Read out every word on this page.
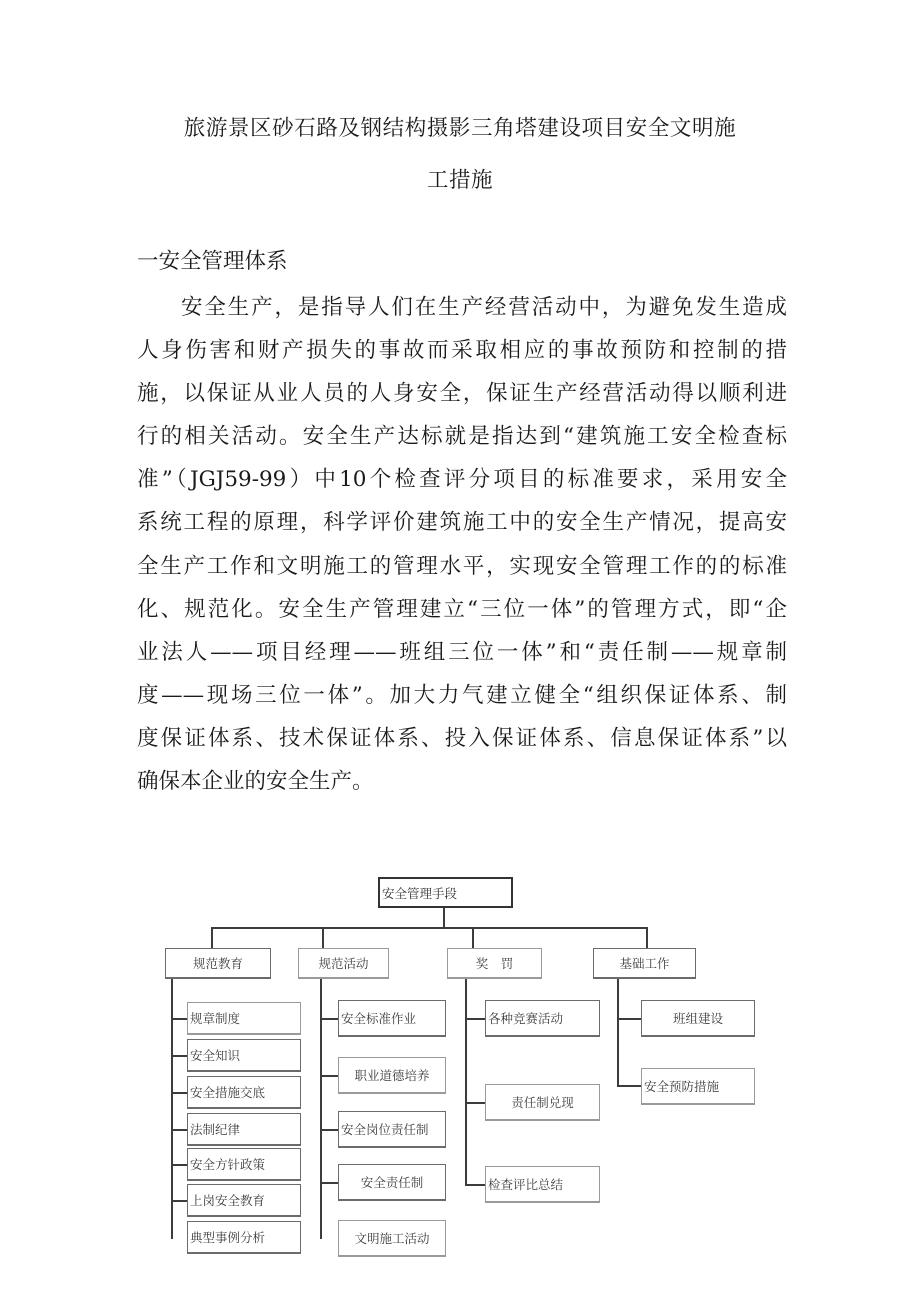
旅游景区砂石路及钢结构摄影三角塔建设项目安全文明施
工措施
一安全管理体系
安全生产，是指导人们在生产经营活动中，为避免发生造成
人身伤害和财产损失的事故而采取相应的事故预防和控制的措
施，以保证从业人员的人身安全，保证生产经营活动得以顺利进
行的相关活动。安全生产达标就是指达到“建筑施工安全检查标
准”（JGJ59-99）中10个检查评分项目的标准要求，采用安全
系统工程的原理，科学评价建筑施工中的安全生产情况，提高安
全生产工作和文明施工的管理水平，实现安全管理工作的的标准
化、规范化。安全生产管理建立“三位一体”的管理方式，即“企
业法人——项目经理——班组三位一体”和“责任制——规章制
度——现场三位一体”。加大力气建立健全“组织保证体系、制
度保证体系、技术保证体系、投入保证体系、信息保证体系”以
确保本企业的安全生产。
安全管理手段
规范教育	规范活动	奖　罚	基础工作
规章制度
安全知识
安全措施交底
法制纪律
安全方针政策
上岗安全教育
典型事例分析
安全标准作业
职业道德培养
安全岗位责任制
安全责任制
文明施工活动
各种竞赛活动
责任制兑现
检查评比总结
班组建设
安全预防措施
